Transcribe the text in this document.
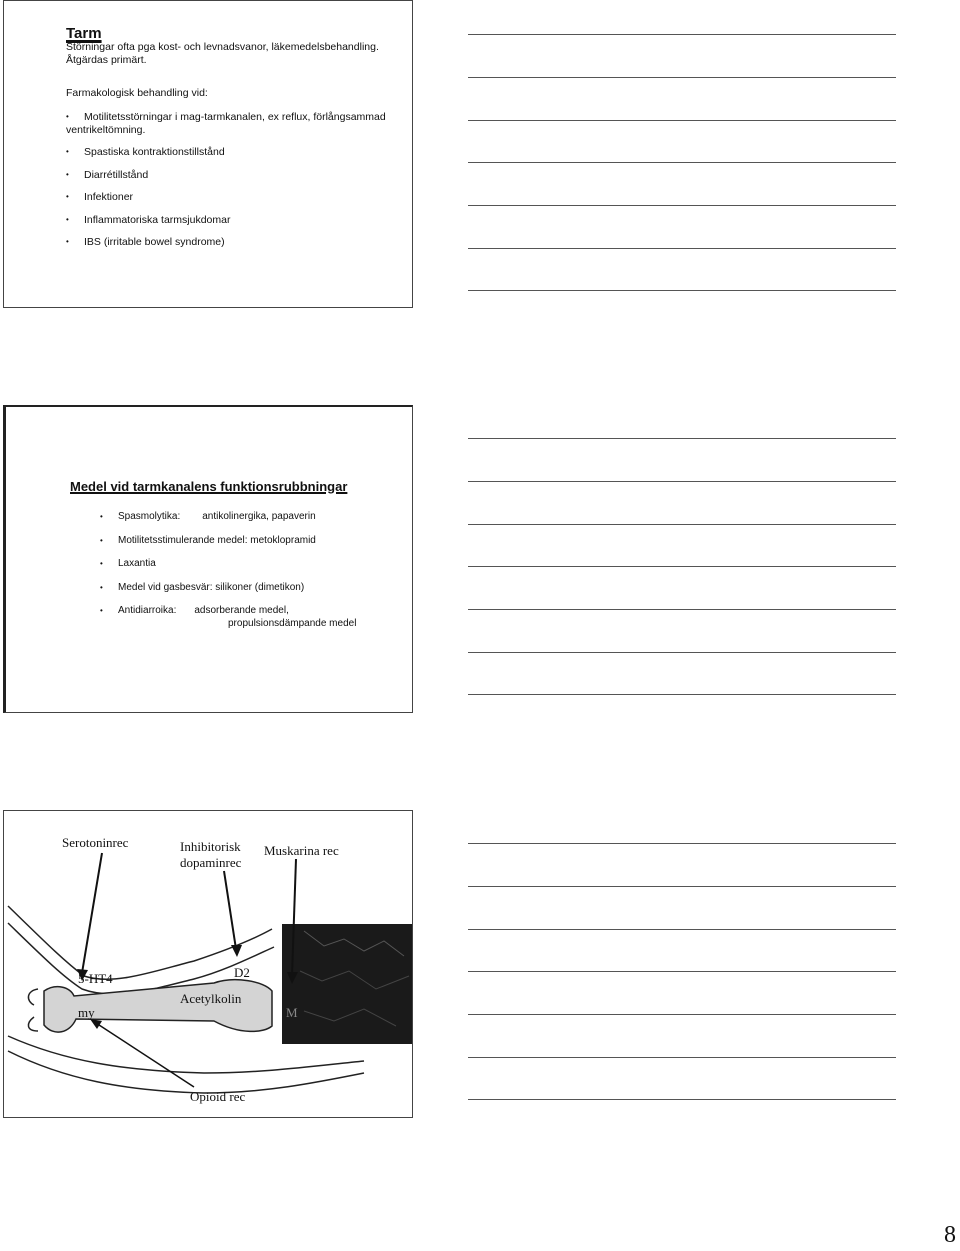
Tarm

Störningar ofta pga kost- och levnadsvanor, läkemedelsbehandling.
Åtgärdas primärt.

Farmakologisk behandling vid:

• Motilitetsstörningar i mag-tarmkanalen, ex reflux, förlångsammad
ventrikeltömning.
• Spastiska kontraktionstillstånd
• Diarrétillstånd
• Infektioner
• Inflammatoriska tarmsjukdomar
• IBS (irritable bowel syndrome)
Medel vid tarmkanalens funktionsrubbningar
• Spasmolytika: antikolinergika, papaverin
• Motilitetsstimulerande medel: metoklopramid
• Laxantia
• Medel vid gasbesvär: silikoner (dimetikon)
• Antidiarroika: adsorberande medel,
propulsionsdämpande medel
Serotoninrec	Inhibitorisk
dopaminrec
Muskarina rec
5-HT4	D2
Acetylkolin
my	M
Opioid rec
8
